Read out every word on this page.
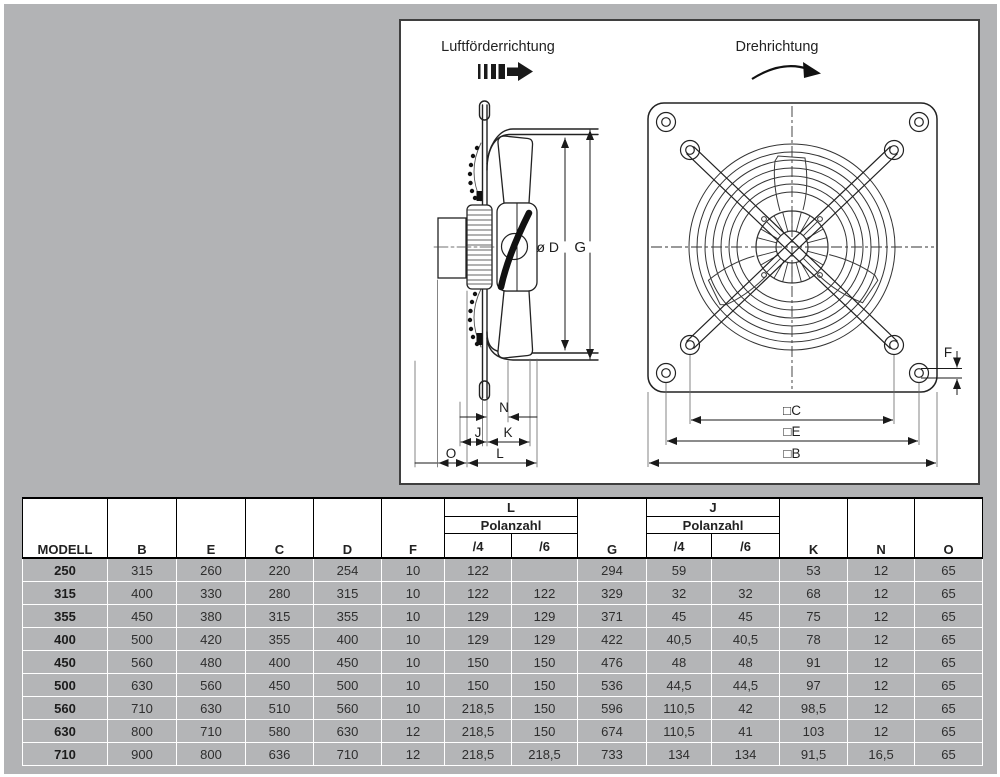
Luftförderrichtung
ø D G
N
J K
O	L
Drehrichtung
□C
□E
□B
F
MODELL	B	E	C	D	F	L		G	J		K	N	O
						Polanzahl			Polanzahl				
						/4	/6		/4	/6			
250	315	260	220	254	10	122		294	59		53	12	65
315	400	330	280	315	10	122	122	329	32	32	68	12	65
355	450	380	315	355	10	129	129	371	45	45	75	12	65
400	500	420	355	400	10	129	129	422	40,5	40,5	78	12	65
450	560	480	400	450	10	150	150	476	48	48	91	12	65
500	630	560	450	500	10	150	150	536	44,5	44,5	97	12	65
560	710	630	510	560	10	218,5	150	596	110,5	42	98,5	12	65
630	800	710	580	630	12	218,5	150	674	110,5	41	103	12	65
710	900	800	636	710	12	218,5	218,5	733	134	134	91,5	16,5	65
